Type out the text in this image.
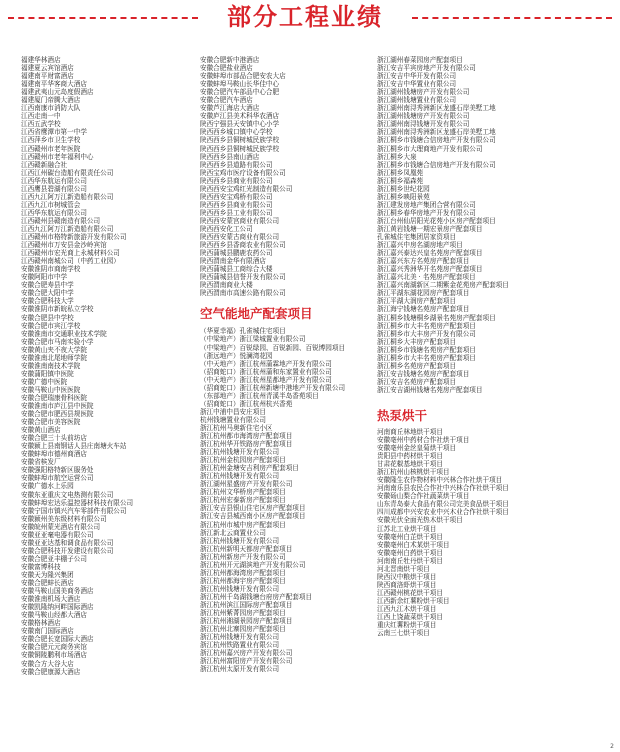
部分工程业绩
福建华林酒店
福建夏云宾馆酒店
福建南平财富酒店
福建南平华客商大酒店
福建武夷山元岛度假酒店
福建厦门帝腾大酒店
江西南康市消防大队
江西走南一中
江西五武学校
江西省鹰潭市第一中学
江西萍乡市卫生学校
江西赣州市老年医院
江西赣州市老年福利中心
江西赣新融合社
江西江州碳台造船有限责任公司
江西华东航运有限公司
江西鹰县碧湖有限公司
江西九江阿万江新造船有限公司
江西九江市树城管会
江西华东航运有限公司
江西赣州县赣南造有限公司
江西九江阿万江新造船有限公司
江西赣州市格特新旅游开发有限公司
江西赣州市万安县金沙岭宾馆
江西赣州市宏光商上永城材料公司
江西赣州南城公司（中药工业园）
安徽淮阴市商南学校
安徽阿阳市中学
安徽合肥寿县中学
安徽合肥大阳中学
安徽合肥科技大学
安徽淮阴市新皖私立学校
安徽合肥县中学校
安徽合肥市宾江学校
安徽淮南市交通职业技术学院
安徽合肥市马南实验小学
安徽黄山夹不夜大学院
安徽淮南北尾地师学院
安徽淮南南技术学院
安徽蒲阳镇中医院
安徽广德中医院
安徽马鞍山中医医院
安徽合肥瑞康骨科医院
安徽淮南市庐江县中医院
安徽合肥市肥西县规医院
安徽合肥市美容医院
安徽黄山酒店
安徽合肥三十头前坊店
安徽颍上县南钢话人县庄南塘火车站
安徽蚌埠市德州商酒店
安徽省槟发厂
安徽强阳格特新区服务处
安徽蚌埠市航空运营公司
安徽广德水上乐园
安徽东亚重庆文电热测有限公司
安徽蚌埠宏达乐温控器材科技有限公司
安徽宁国市镇兴汽车零部件有限公司
安徽颍州美东级材料有限公司
安徽皖州蒙光酒店有限公司
安徽亚亚毫电器有限公司
安徽亚亚达基和调食品有限公司
安徽合肥科技开发建设有限公司
安徽合肥亚丰棚子公司
安徽富博科技
安徽天为隆兴集团
安徽合肥蚌长酒店
安徽马鞍山国美商务酒店
安徽淮南机场大酒店
安徽凯隆纳河畔国际酒店
安徽马鞍山经都大酒店
安徽格林酒店
安徽南门国际酒店
安徽合肥长宽国际大酒店
安徽合肥元元商务宾馆
安徽铜陵鹏利市场酒店
安徽合方大谷大店
安徽合肥康源大酒店
安徽合肥新中港酒店
安徽合肥盐业酒店
安徽蚌埠市部品合肥安农大店
安徽蚌埠马鞍山长华佳中心
安徽合肥汽车部品中心合肥
安徽合肥汽车酒店
安徽芦江海店大酒店
安徽庐江县美术科华农酒店
陕西宁强县天安镇中心小学
陕西西乡城口镇中心学校
陕西西乡县铜树城民族学校
陕西西乡县铜树城民族学校
陕西西乡县南山酒店
陕西西乡县道路有限公司
陕西宝鸡市医疗设备有限公司
陕西西乡县商业有限公司
陕西西安宝鸡红光制造有限公司
陕西西安宝鸡桥有限公司
陕西西乡县商业有限公司
陕西西乡县工业有限公司
陕西西安蒙宫商业有限公司
陕西西安化工公司
陕西西安蒙古商业有限公司
陕西西乡县香商农业有限公司
陕西蒲城县鹏鹿农药公司
陕西渭南金华有限酒店
陕西蒲城县工商综合大楼
陕西蒲城县信誉开发有限公司
陕西渭南商业大楼
陕西渭南市高速公路有限公司
空气能地产配套项目
（华夏幸福）孔雀城住宅项目
（中梁地产）浙江梁城置业有限公司
（中梁地产）百锐绿园、百锐新园、百锐博园项目
（浙远地产）悦澜湾花园
（中天地产）浙江杭州蒲霖地产开发有限公司
（招商蛇口）浙江杭州蒲和东家置业有限公司
（中天地产）浙江杭州星都地产开发有限公司
（招商蛇口）浙江杭州新塘中港地产开发有限公司
（东部地产）浙江杭州青溪半岛香苑项目
（招商蛇口）浙江杭州杭兴香苑
浙江中浦中昌安庄项目
杭州钱塘置业有限公司
浙江杭州马奥新住宅小区
浙江杭州都市海湾房产配套项目
浙江杭州华开铁路房产配套项目
浙江杭州钱塘开发有限公司
浙江杭州金杭园房产配套项目
浙江杭州金塘安吉利房产配套项目
浙江杭州钱塘开发有限公司
浙江湖州星盛房产开发有限公司
浙江杭州文华桥房产配套项目
浙江杭州宏泰新房产配套项目
浙江安吉县银山住宅区房产配套项目
浙江安吉县城西南小区房产配套项目
浙江杭州市城中房产配套项目
浙江新北云商置业公司
浙江杭州钱塘开发有限公司
浙江杭州新明天都房产配套项目
浙江杭州新房产开发有限公司
浙江杭州开元湖滨地产开发有限公司
浙江杭州都海湾房产配套项目
浙江杭州都海宇房产配套项目
浙江杭州钱塘开发有限公司
浙江杭州千岛湖钱塘台府房产配套项目
浙江杭州滨江国际房产配套项目
浙江杭州紫菁园房产配套项目
浙江杭州湘湖景园房产配套项目
浙江杭州北寨园房产配套项目
浙江杭州钱塘开发有限公司
浙江杭州铁路置业有限公司
浙江杭州嘉兴房产开发有限公司
浙江杭州富阳房产开发有限公司
浙江杭州太原开发有限公司
浙江湖州春菜园房产配套项目
浙江安吉平宾房地产开发有限公司
浙江安吉中华开发有限公司
浙江安吉中华置业有限公司
浙江湖州钱塘房产开发有限公司
浙江湖州钱塘置业有限公司
浙江湖州南浔秀洲新区龙盛石岸美墅工地
浙江湖州钱塘房产开发有限公司
浙江湖州南浔钱塘开发有限公司
浙江湖州南浔秀洲新区龙盛石岸美墅工地
浙江桐乡市钱塘合信房地产开发有限公司
浙江桐乡市大理商地产开发有限公司
浙江桐乡大泉
浙江桐乡市钱塘合信房地产开发有限公司
浙江桐乡凤凰苑
浙江桐乡福森苑
浙江桐乡世纪花园
浙江桐乡映阳景苑
浙江建发房地产集团合营有限公司
浙江桐乡春华房地产开发有限公司
浙江台州仙居阳光花苑小区房产配套项目
浙江黄岩钱塘一期宏景房产配套项目
孔雀城住宅集团居家资项目
浙江嘉兴中房名湖房地产项目
浙江嘉兴泰达兴皇名苑房产配套项目
浙江嘉兴东方名苑房产配套项目
浙江嘉兴秀洲华开名苑房产配套项目
浙江嘉兴北美 · 名苑房产配套项目
浙江嘉兴南湖新区二期紫金花苑房产配套项目
浙江平湖东湖花园房产配套项目
浙江平湖大润房产配套项目
浙江海宁钱塘名苑房产配套项目
浙江桐乡钱塘桐乡湖景名苑房产配套项目
浙江桐乡市大丰名苑房产配套项目
浙江桐乡市大丰房产开发有限公司
浙江桐乡大丰房产配套项目
浙江桐乡市钱塘名苑房产配套项目
浙江桐乡市大丰名苑房产配套项目
浙江桐乡名苑房产配套项目
浙江安吉钱塘名苑房产配套项目
浙江安吉名苑房产配套项目
浙江安吉湖州钱塘名苑房产配套项目
热泵烘干
河南商丘林地烘干项目
安徽亳州中药材合作社烘干项目
安徽亳州金丝皇菊烘干项目
贵阳县中药材烘干项目
甘肃花椒基地烘干项目
浙江杭州山核桃烘干项目
安徽隆生农作物材料中兴林合作社烘干项目
河南南乐县农民合作社中兴林合作社烘干项目
安徽砀山梨合作社蔬菜烘干项目
山东青岛泰大食品有限公司完美食品烘干项目
四川成都中兴安农业中兴木业合作社烘干项目
安徽光伏全面光热木烘干项目
江苏北工业烘干项目
安徽亳州白芷烘干项目
安徽亳州白术某烘干项目
安徽亳州白药烘干项目
河南南丘牡丹烘干项目
河北晋南烘干项目
陕西汉中粮烘干项目
陕西商洛虾烘干项目
江西赣州桃花烘干项目
江西新余红薯粉烘干项目
江西九江木烘干项目
江西上饶蔬菜烘干项目
重庆红薯粉烘干项目
云南三七烘干项目
2
